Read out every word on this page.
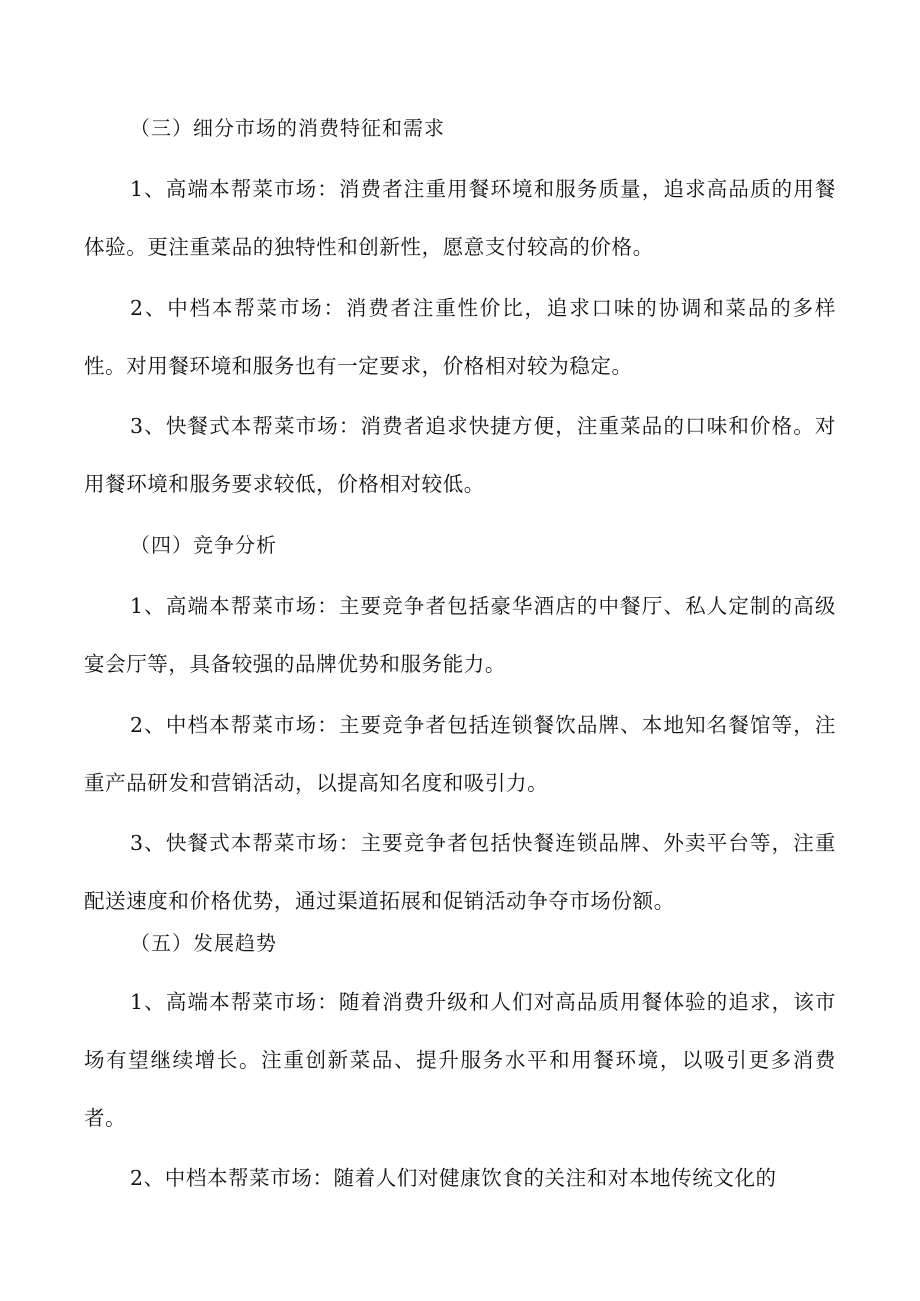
（三）细分市场的消费特征和需求

1、高端本帮菜市场：消费者注重用餐环境和服务质量，追求高品质的用餐体验。更注重菜品的独特性和创新性，愿意支付较高的价格。

2、中档本帮菜市场：消费者注重性价比，追求口味的协调和菜品的多样性。对用餐环境和服务也有一定要求，价格相对较为稳定。

3、快餐式本帮菜市场：消费者追求快捷方便，注重菜品的口味和价格。对用餐环境和服务要求较低，价格相对较低。

（四）竞争分析

1、高端本帮菜市场：主要竞争者包括豪华酒店的中餐厅、私人定制的高级宴会厅等，具备较强的品牌优势和服务能力。

2、中档本帮菜市场：主要竞争者包括连锁餐饮品牌、本地知名餐馆等，注重产品研发和营销活动，以提高知名度和吸引力。

3、快餐式本帮菜市场：主要竞争者包括快餐连锁品牌、外卖平台等，注重配送速度和价格优势，通过渠道拓展和促销活动争夺市场份额。

（五）发展趋势

1、高端本帮菜市场：随着消费升级和人们对高品质用餐体验的追求，该市场有望继续增长。注重创新菜品、提升服务水平和用餐环境，以吸引更多消费者。

2、中档本帮菜市场：随着人们对健康饮食的关注和对本地传统文化的
